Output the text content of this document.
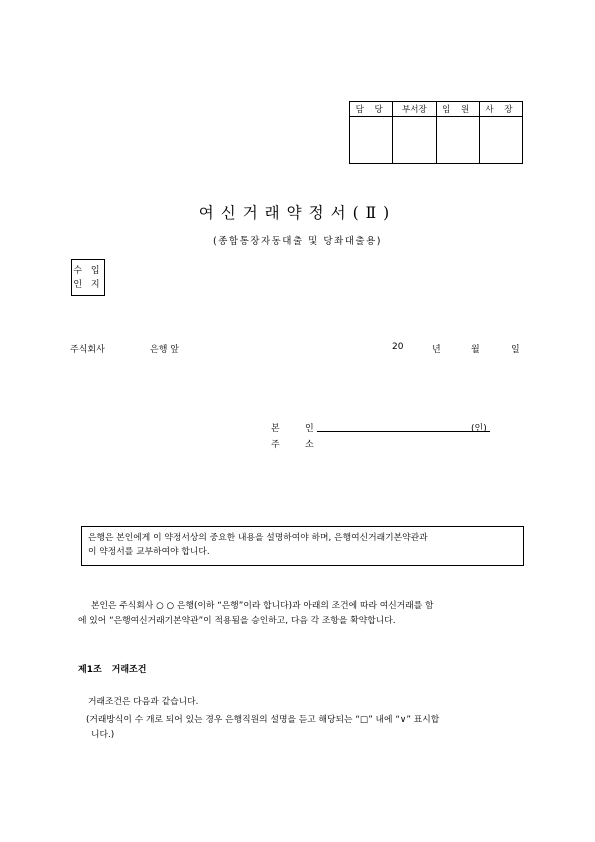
담 당	부서장	임 원	사 장

여신거래약정서(Ⅱ)
(종합통장자동대출 및 당좌대출용)
수 입
인 지
주식회사	은행 앞	20	년	월	일
본	인	(인)
주	소
은행은 본인에게 이 약정서상의 중요한 내용을 설명하여야 하며, 은행여신거래기본약관과
이 약정서를 교부하여야 합니다.
본인은 주식회사 ○ ○ 은행(이하 “은행”이라 합니다)과 아래의 조건에 따라 여신거래를 함
에 있어 “은행여신거래기본약관”이 적용됨을 승인하고, 다음 각 조항을 확약합니다.
제1조 거래조건
거래조건은 다음과 같습니다.
(거래방식이 수 개로 되어 있는 경우 은행직원의 설명을 듣고 해당되는 “□” 내에 “∨” 표시합
니다.)
